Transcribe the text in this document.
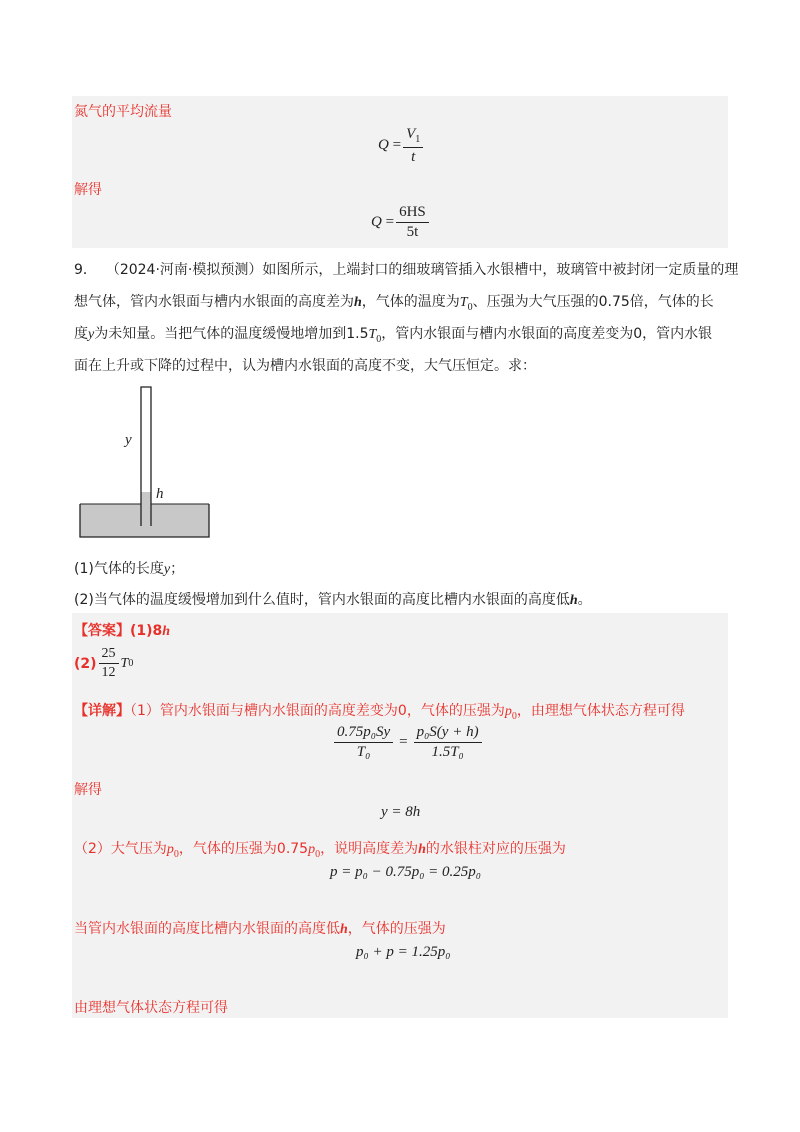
氮气的平均流量
Q
= $\frac{V_1}{t}$
解得
Q
= $\frac{6HS}{5t}$
9． （2024·河南·模拟预测）如图所示，上端封口的细玻璃管插入水银槽中，玻璃管中被封闭一定质量的理
想气体，管内水银面与槽内水银面的高度差为h，气体的温度为$T_0$、压强为大气压强的0.75倍，气体的长
度y为未知量。当把气体的温度缓慢地增加到$1.5T_0$，管内水银面与槽内水银面的高度差变为0，管内水银
面在上升或下降的过程中，认为槽内水银面的高度不变，大气压恒定。求：
y
h
(1)气体的长度y；
(2)当气体的温度缓慢增加到什么值时，管内水银面的高度比槽内水银面的高度低h。
【答案】(1)8h
$(2) \frac{25}{12}$ T 0
【详解】（1）管内水银面与槽内水银面的高度差变为0，气体的压强为$p_0$，由理想气体状态方程可得
$\frac{\text{0.75p₀Sy}}{\text{T₀}} = \frac{\text{p₀S(y + h)}}{\text{1.5T₀}}$
解得
y = 8h
（2）大气压为$p_0$，气体的压强为$0.75p_0$，说明高度差为h的水银柱对应的压强为
p = p₀ − 0.75p₀ = 0.25p₀
当管内水银面的高度比槽内水银面的高度低h，气体的压强为
p₀ + p = 1.25p₀
由理想气体状态方程可得
